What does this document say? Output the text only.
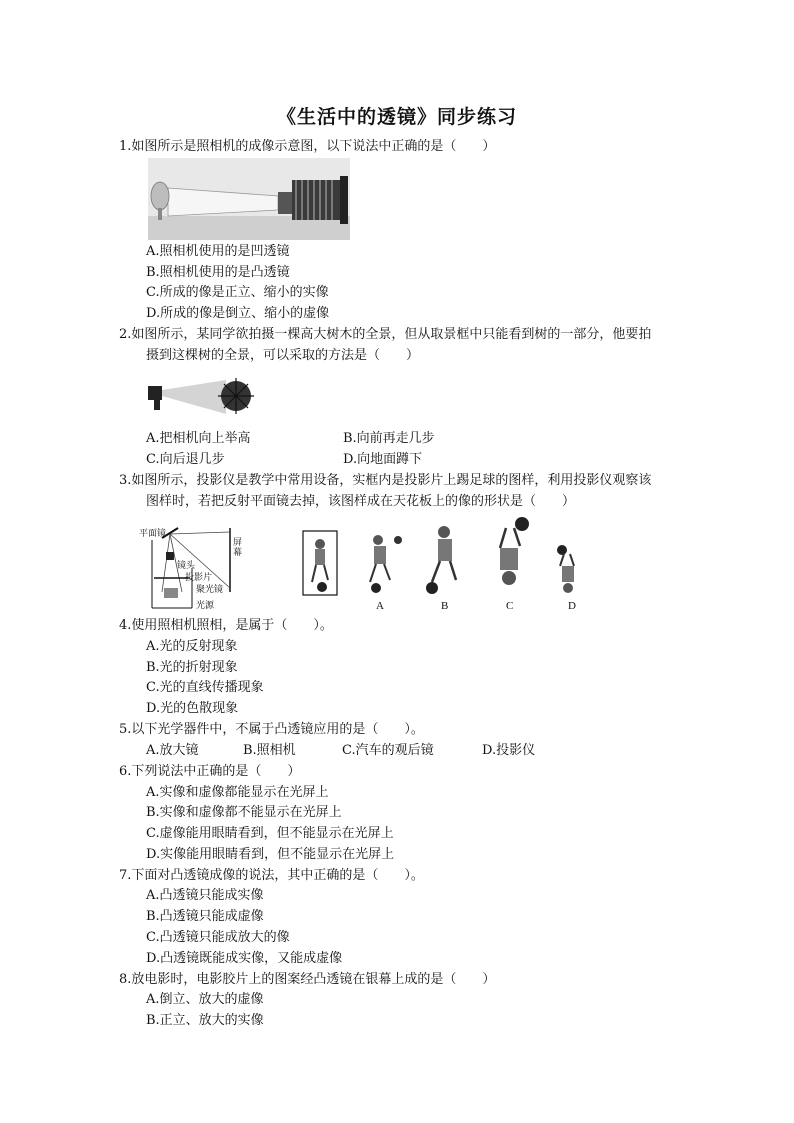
《生活中的透镜》同步练习
1.如图所示是照相机的成像示意图，以下说法中正确的是（　　）
A.照相机使用的是凹透镜
B.照相机使用的是凸透镜
C.所成的像是正立、缩小的实像
D.所成的像是倒立、缩小的虚像
2.如图所示，某同学欲拍摄一棵高大树木的全景，但从取景框中只能看到树的一部分，他要拍
摄到这棵树的全景，可以采取的方法是（　　）
A.把相机向上举高	B.向前再走几步
C.向后退几步	D.向地面蹲下
3.如图所示，投影仪是教学中常用设备，实框内是投影片上踢足球的图样，利用投影仪观察该
图样时，若把反射平面镜去掉，该图样成在天花板上的像的形状是（　　）
平面镜
屏幕
镜头
投影片
聚光镜
光源	A	B	C	D
4.使用照相机照相，是属于（　　）。
A.光的反射现象
B.光的折射现象
C.光的直线传播现象
D.光的色散现象
5.以下光学器件中，不属于凸透镜应用的是（　　）。
A.放大镜	B.照相机	C.汽车的观后镜	D.投影仪
6.下列说法中正确的是（　　）
A.实像和虚像都能显示在光屏上
B.实像和虚像都不能显示在光屏上
C.虚像能用眼睛看到，但不能显示在光屏上
D.实像能用眼睛看到，但不能显示在光屏上
7.下面对凸透镜成像的说法，其中正确的是（　　）。
A.凸透镜只能成实像
B.凸透镜只能成虚像
C.凸透镜只能成放大的像
D.凸透镜既能成实像，又能成虚像
8.放电影时，电影胶片上的图案经凸透镜在银幕上成的是（　　）
A.倒立、放大的虚像
B.正立、放大的实像
